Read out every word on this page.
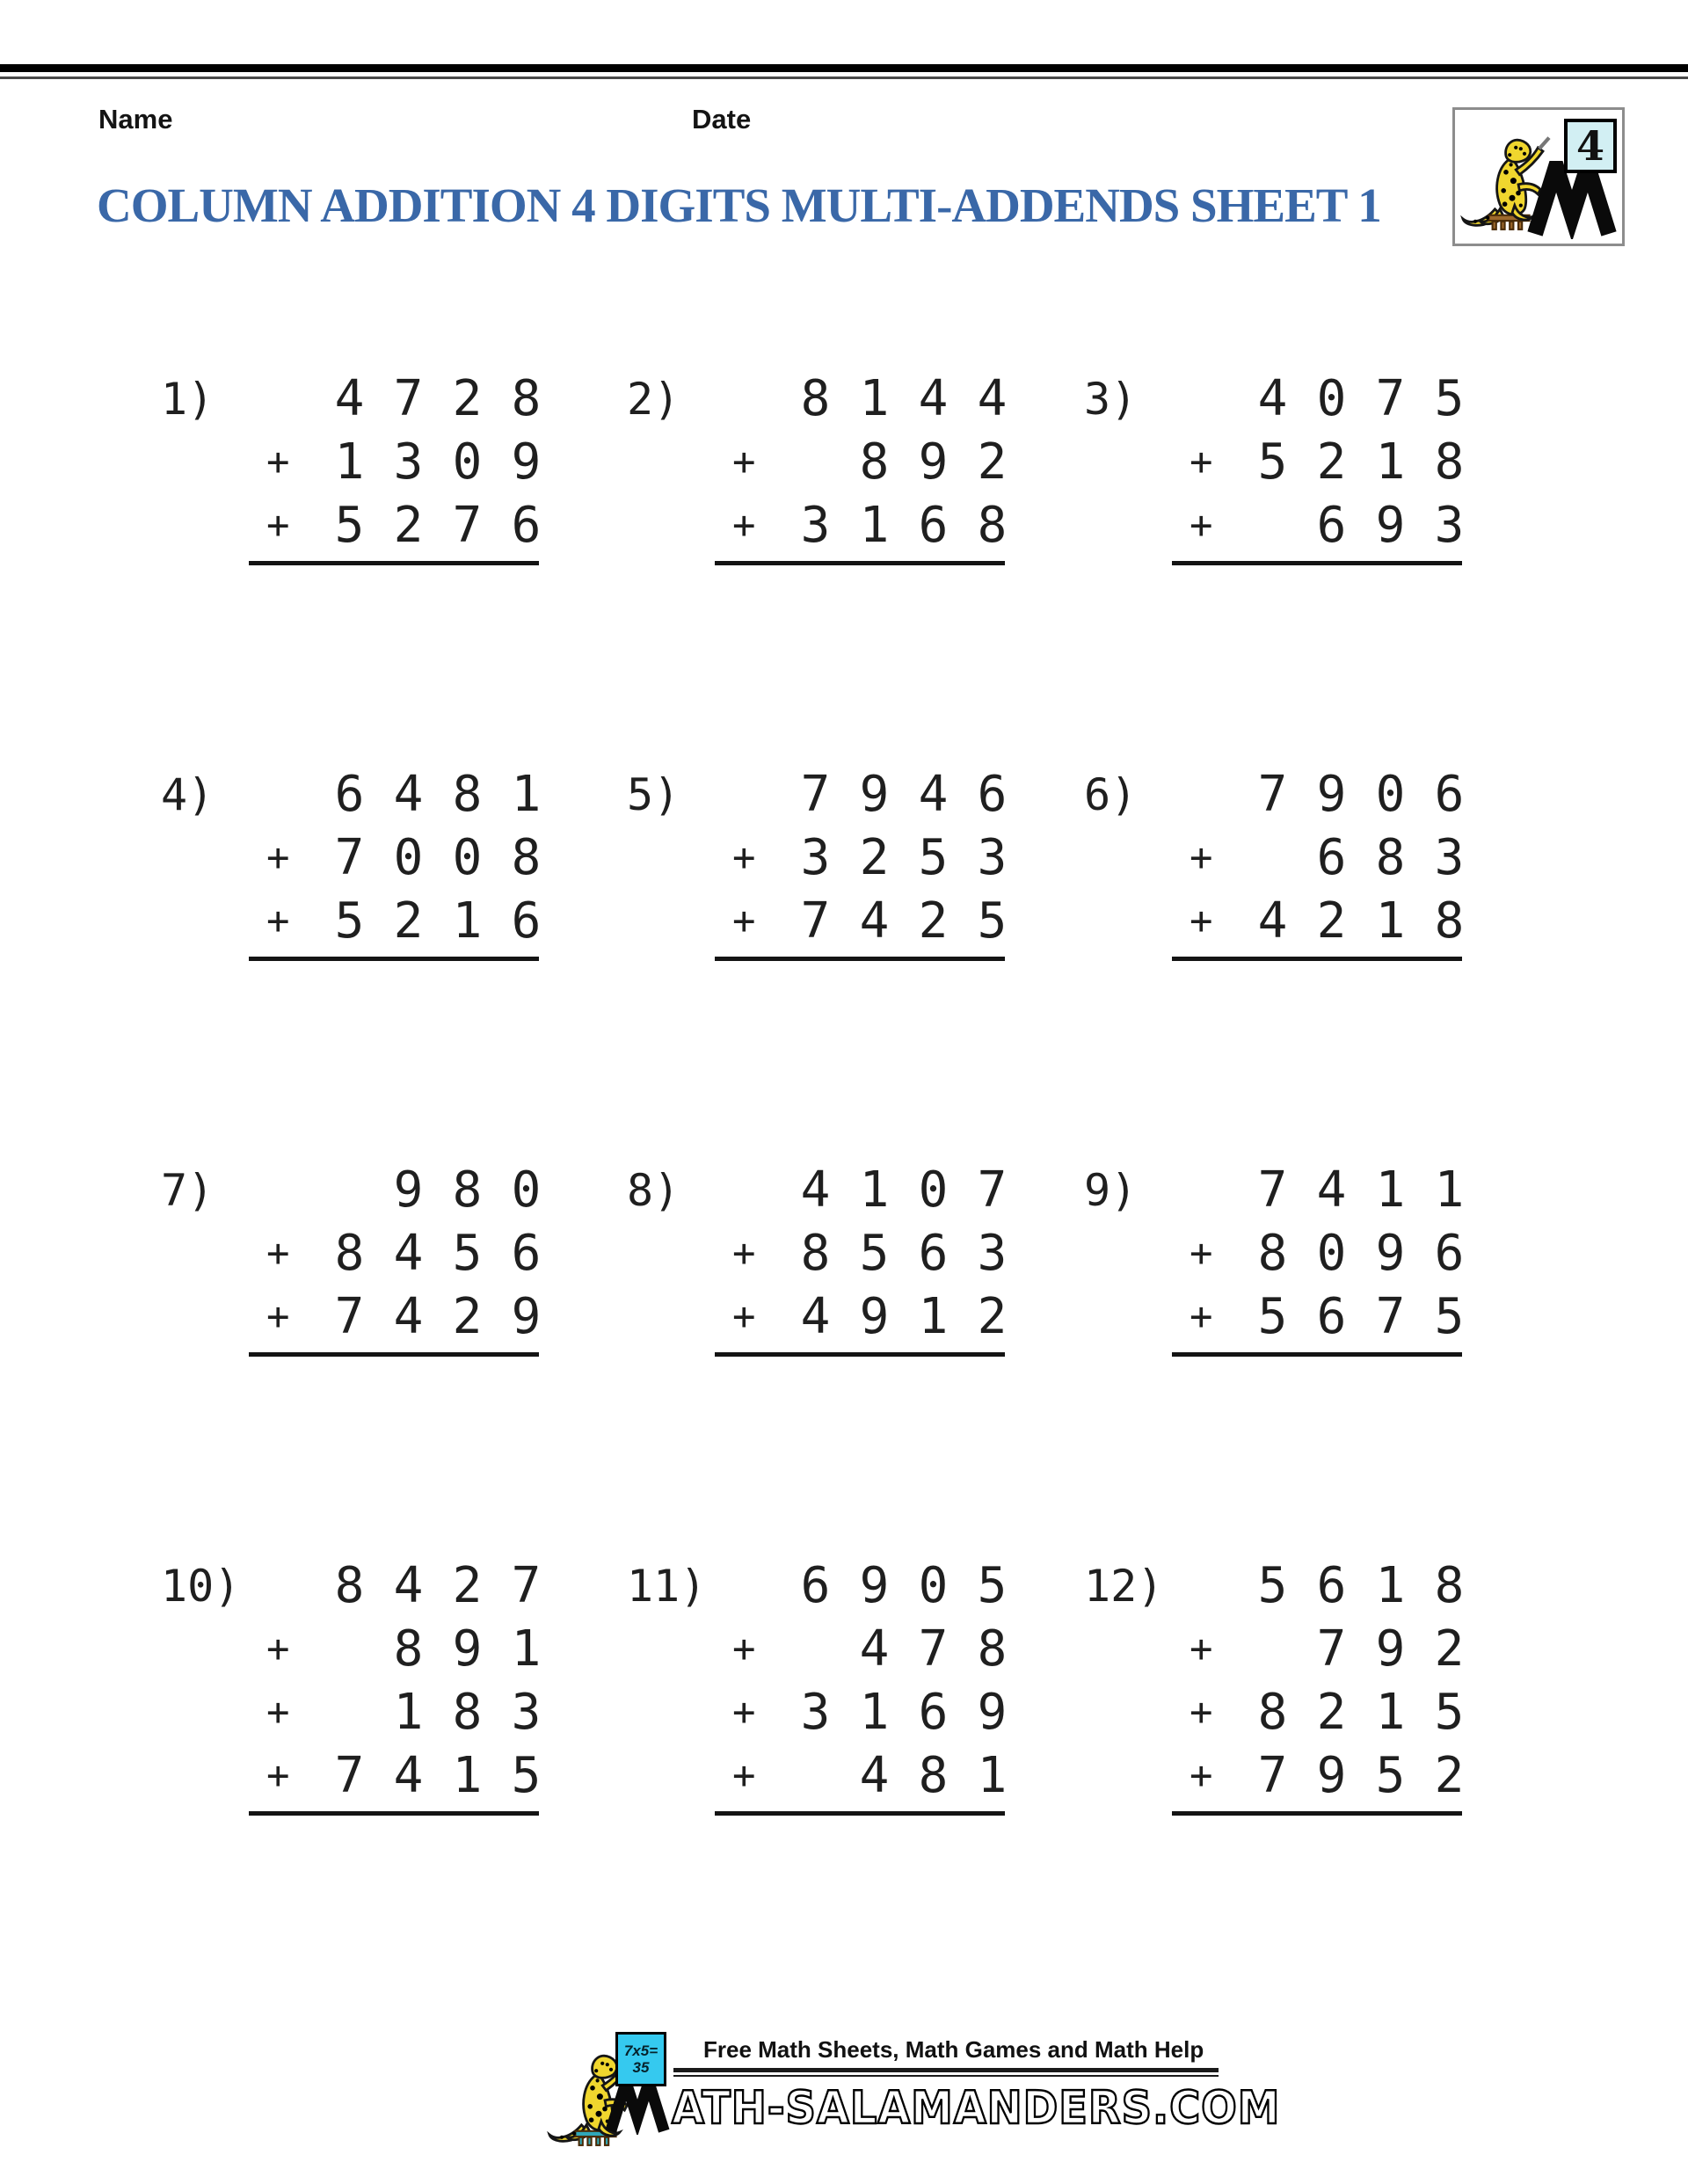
Name	Date
COLUMN ADDITION 4 DIGITS MULTI-ADDENDS SHEET 1
4
1)	4 7 2 8
+ 1 3 0 9
+ 5 2 7 6
2)	8 1 4 4
+	8 9 2
+ 3 1 6 8
3)	4 0 7 5
+ 5 2 1 8
+	6 9 3
4)	6 4 8 1
+ 7 0 0 8
+ 5 2 1 6
5)	7 9 4 6
+ 3 2 5 3
+ 7 4 2 5
6)	7 9 0 6
+	6 8 3
+ 4 2 1 8
7)	9 8 0
+ 8 4 5 6
+ 7 4 2 9
8)	4 1 0 7
+ 8 5 6 3
+ 4 9 1 2
9)	7 4 1 1
+ 8 0 9 6
+ 5 6 7 5
10)	8 4 2 7
+	8 9 1
+	1 8 3
+ 7 4 1 5
11)	6 9 0 5
+	4 7 8
+ 3 1 6 9
+	4 8 1
12)	5 6 1 8
+	7 9 2
+ 8 2 1 5
+ 7 9 5 2
7x5=
35
Free Math Sheets, Math Games and Math Help
ATH-SALAMANDERS.COM
